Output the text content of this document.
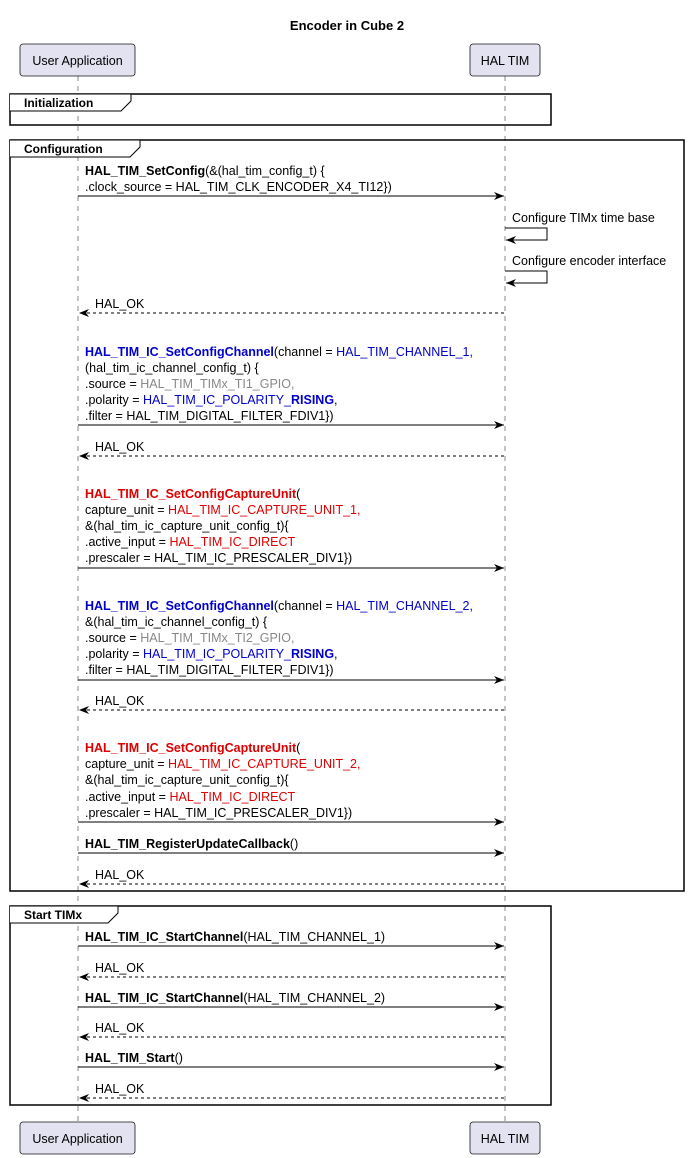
Encoder in Cube 2
User Application	HAL TIM
User Application	HAL TIM
Initialization
Configuration
Start TIMx
HAL_TIM_SetConfig(&(hal_tim_config_t) {
.clock_source = HAL_TIM_CLK_ENCODER_X4_TI12})
Configure TIMx time base
Configure encoder interface
HAL_OK
HAL_TIM_IC_SetConfigChannel(channel = HAL_TIM_CHANNEL_1,
(hal_tim_ic_channel_config_t) {
.source = HAL_TIM_TIMx_TI1_GPIO,
.polarity = HAL_TIM_IC_POLARITY_RISING,
.filter = HAL_TIM_DIGITAL_FILTER_FDIV1})
HAL_OK
HAL_TIM_IC_SetConfigCaptureUnit(
capture_unit = HAL_TIM_IC_CAPTURE_UNIT_1,
&(hal_tim_ic_capture_unit_config_t){
.active_input = HAL_TIM_IC_DIRECT
.prescaler = HAL_TIM_IC_PRESCALER_DIV1})
HAL_TIM_IC_SetConfigChannel(channel = HAL_TIM_CHANNEL_2,
&(hal_tim_ic_channel_config_t) {
.source = HAL_TIM_TIMx_TI2_GPIO,
.polarity = HAL_TIM_IC_POLARITY_RISING,
.filter = HAL_TIM_DIGITAL_FILTER_FDIV1})
HAL_OK
HAL_TIM_IC_SetConfigCaptureUnit(
capture_unit = HAL_TIM_IC_CAPTURE_UNIT_2,
&(hal_tim_ic_capture_unit_config_t){
.active_input = HAL_TIM_IC_DIRECT
.prescaler = HAL_TIM_IC_PRESCALER_DIV1})
HAL_TIM_RegisterUpdateCallback()
HAL_OK
HAL_TIM_IC_StartChannel(HAL_TIM_CHANNEL_1)
HAL_OK
HAL_TIM_IC_StartChannel(HAL_TIM_CHANNEL_2)
HAL_OK
HAL_TIM_Start()
HAL_OK
